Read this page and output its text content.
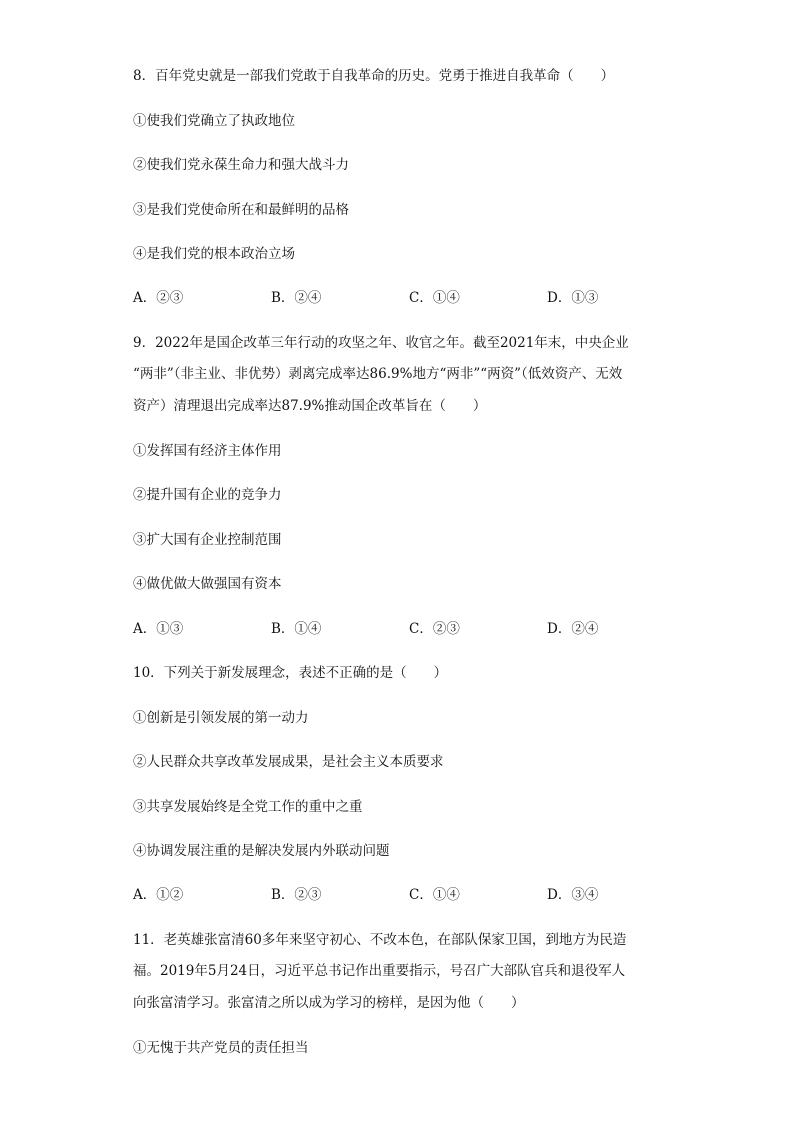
8．百年党史就是一部我们党敢于自我革命的历史。党勇于推进自我革命（　　）
①使我们党确立了执政地位
②使我们党永葆生命力和强大战斗力
③是我们党使命所在和最鲜明的品格
④是我们党的根本政治立场
A．②③	B．②④	C．①④	D．①③
9．2022年是国企改革三年行动的攻坚之年、收官之年。截至2021年末，中央企业
“两非”（非主业、非优势）剥离完成率达86.9%地方“两非”“两资”（低效资产、无效
资产）清理退出完成率达87.9%推动国企改革旨在（　　）
①发挥国有经济主体作用
②提升国有企业的竞争力
③扩大国有企业控制范围
④做优做大做强国有资本
A．①③	B．①④	C．②③	D．②④
10．下列关于新发展理念，表述不正确的是（　　）
①创新是引领发展的第一动力
②人民群众共享改革发展成果，是社会主义本质要求
③共享发展始终是全党工作的重中之重
④协调发展注重的是解决发展内外联动问题
A．①②	B．②③	C．①④	D．③④
11．老英雄张富清60多年来坚守初心、不改本色，在部队保家卫国，到地方为民造
福。2019年5月24日，习近平总书记作出重要指示，号召广大部队官兵和退役军人
向张富清学习。张富清之所以成为学习的榜样，是因为他（　　）
①无愧于共产党员的责任担当
